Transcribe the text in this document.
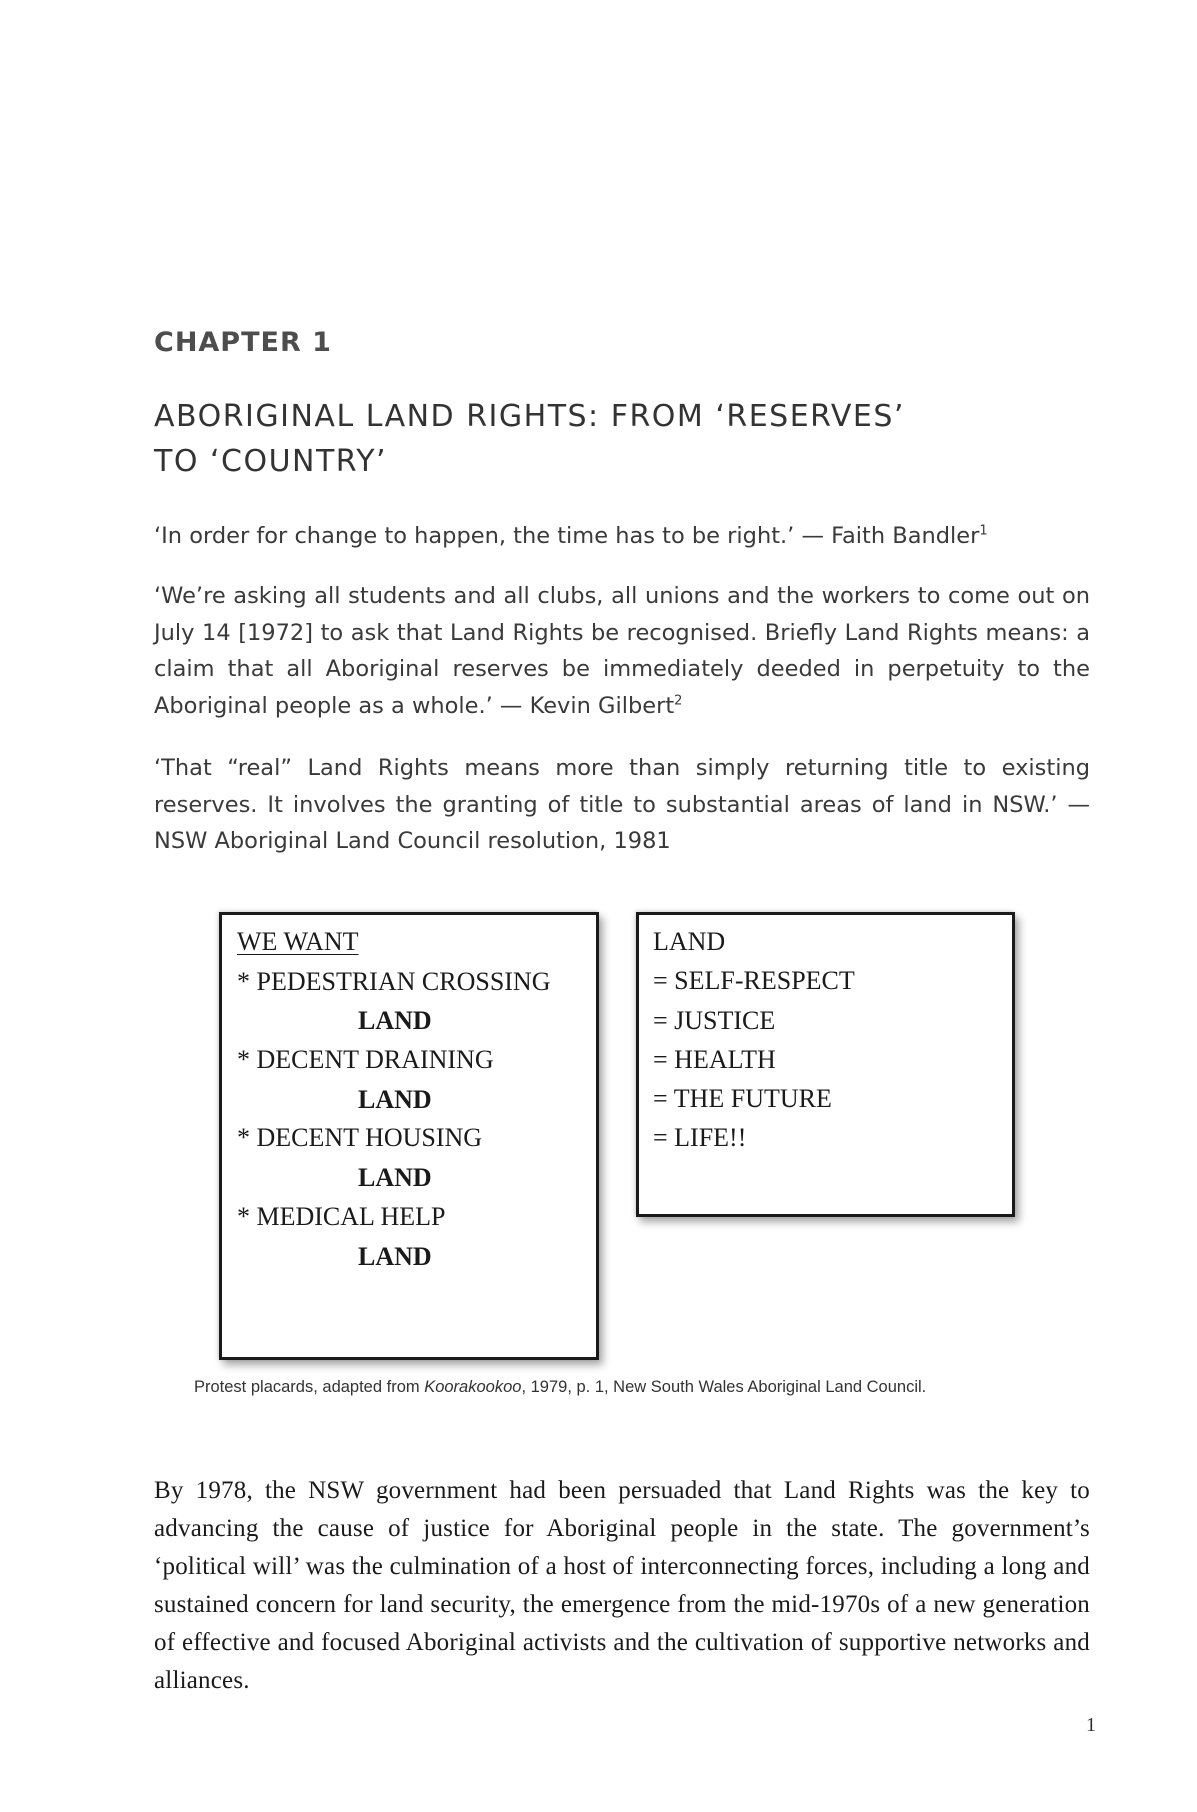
CHAPTER 1
ABORIGINAL LAND RIGHTS: FROM ‘RESERVES’
TO ‘COUNTRY’

‘In order for change to happen, the time has to be right.’ — Faith Bandler$^1$

‘We’re asking all students and all clubs, all unions and the workers to come out on July 14 [1972] to ask that Land Rights be recognised. Briefly Land Rights means: a claim that all Aboriginal reserves be immediately deeded in perpetuity to the Aboriginal people as a whole.’ — Kevin Gilbert$^2$

‘That “real” Land Rights means more than simply returning title to existing reserves. It involves the granting of title to substantial areas of land in NSW.’ — NSW Aboriginal Land Council resolution, 1981

WE WANT
* PEDESTRIAN CROSSING
LAND
* DECENT DRAINING
LAND
* DECENT HOUSING
LAND
* MEDICAL HELP
LAND
LAND
= SELF-RESPECT
= JUSTICE
= HEALTH
= THE FUTURE
= LIFE!!
Protest placards, adapted from Koorakookoo, 1979, p. 1, New South Wales Aboriginal Land Council.

By 1978, the NSW government had been persuaded that Land Rights was the key to advancing the cause of justice for Aboriginal people in the state. The government’s ‘political will’ was the culmination of a host of interconnecting forces, including a long and sustained concern for land security, the emergence from the mid-1970s of a new generation of effective and focused Aboriginal activists and the cultivation of supportive networks and alliances.

1
